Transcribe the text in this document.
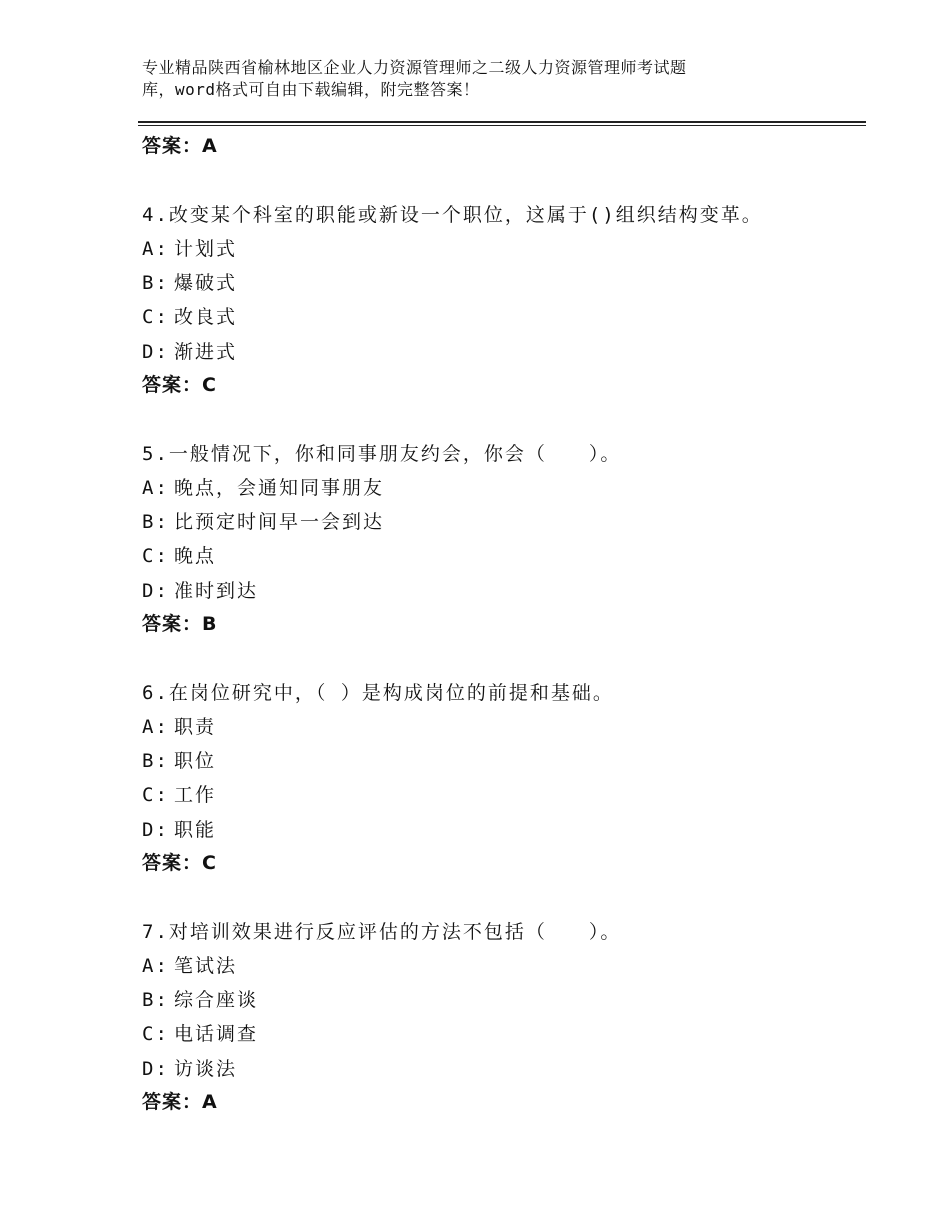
专业精品陕西省榆林地区企业人力资源管理师之二级人力资源管理师考试题
库，word格式可自由下载编辑，附完整答案！
答案：A
4.改变某个科室的职能或新设一个职位，这属于()组织结构变革。
A: 计划式
B: 爆破式
C: 改良式
D: 渐进式
答案：C
5.一般情况下，你和同事朋友约会，你会（　　）。
A: 晚点，会通知同事朋友
B: 比预定时间早一会到达
C: 晚点
D: 准时到达
答案：B
6.在岗位研究中，（ ）是构成岗位的前提和基础。
A: 职责
B: 职位
C: 工作
D: 职能
答案：C
7.对培训效果进行反应评估的方法不包括（　　）。
A: 笔试法
B: 综合座谈
C: 电话调查
D: 访谈法
答案：A
